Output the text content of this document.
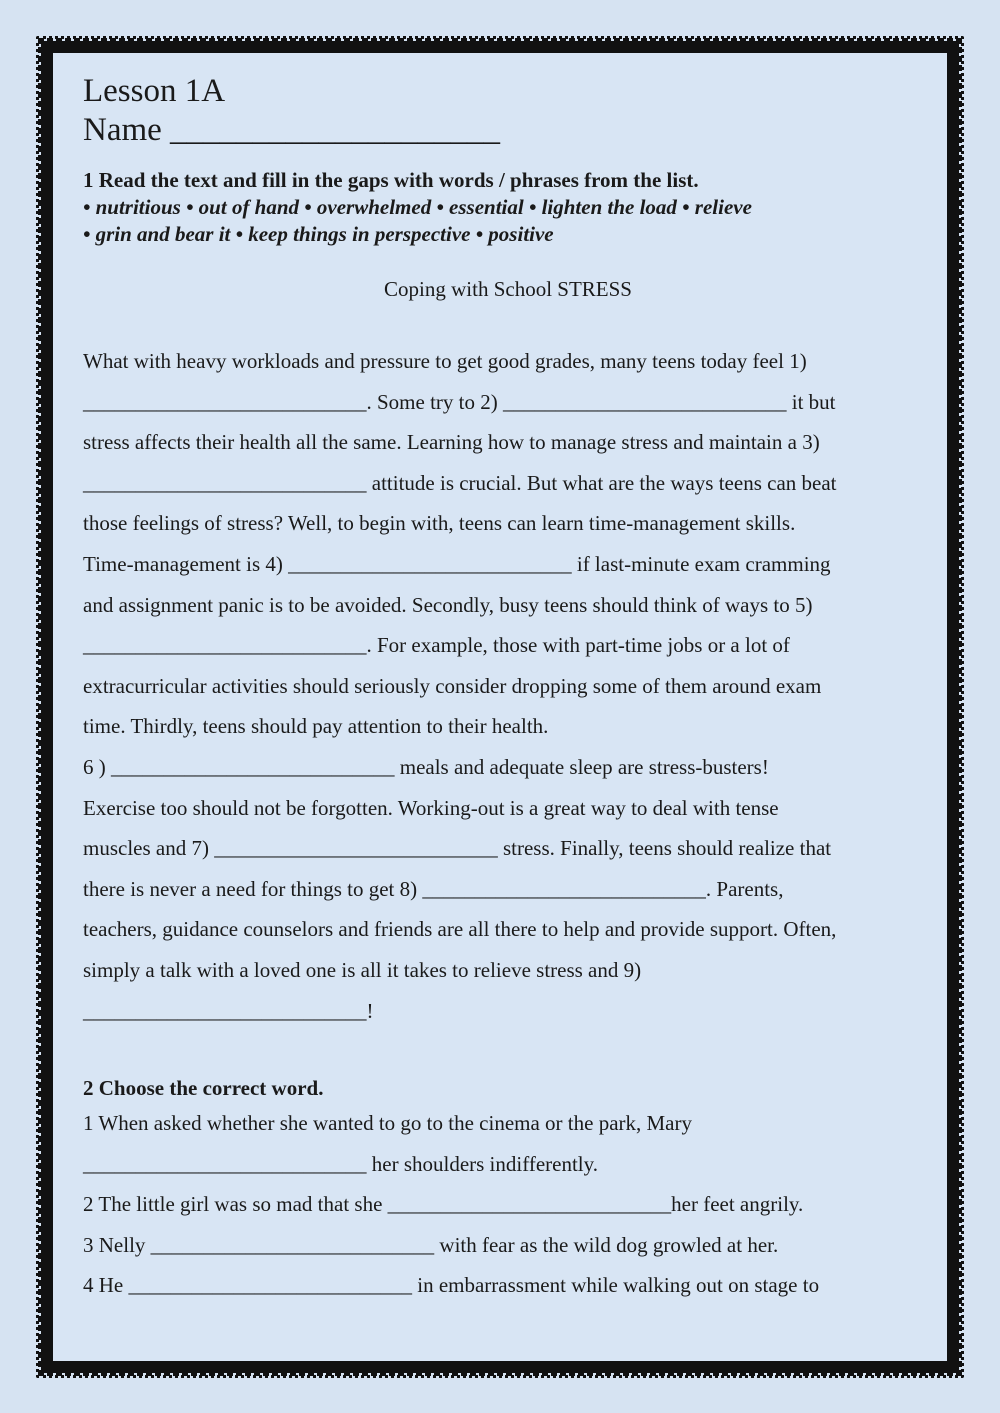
Lesson 1A
Name ____________________
1 Read the text and fill in the gaps with words / phrases from the list.
• nutritious • out of hand • overwhelmed • essential • lighten the load • relieve
• grin and bear it • keep things in perspective • positive
Coping with School STRESS

What with heavy workloads and pressure to get good grades, many teens today feel 1)

___________________________. Some try to 2) ___________________________ it but

stress affects their health all the same. Learning how to manage stress and maintain a 3)

___________________________ attitude is crucial. But what are the ways teens can beat

those feelings of stress? Well, to begin with, teens can learn time-management skills.

Time-management is 4) ___________________________ if last-minute exam cramming

and assignment panic is to be avoided. Secondly, busy teens should think of ways to 5)

___________________________. For example, those with part-time jobs or a lot of

extracurricular activities should seriously consider dropping some of them around exam

time. Thirdly, teens should pay attention to their health.

6 ) ___________________________ meals and adequate sleep are stress-busters!

Exercise too should not be forgotten. Working-out is a great way to deal with tense

muscles and 7) ___________________________ stress. Finally, teens should realize that

there is never a need for things to get 8) ___________________________. Parents,

teachers, guidance counselors and friends are all there to help and provide support. Often,

simply a talk with a loved one is all it takes to relieve stress and 9)

___________________________!

2 Choose the correct word.

1 When asked whether she wanted to go to the cinema or the park, Mary

___________________________ her shoulders indifferently.

2 The little girl was so mad that she ___________________________her feet angrily.

3 Nelly ___________________________ with fear as the wild dog growled at her.

4 He ___________________________ in embarrassment while walking out on stage to
